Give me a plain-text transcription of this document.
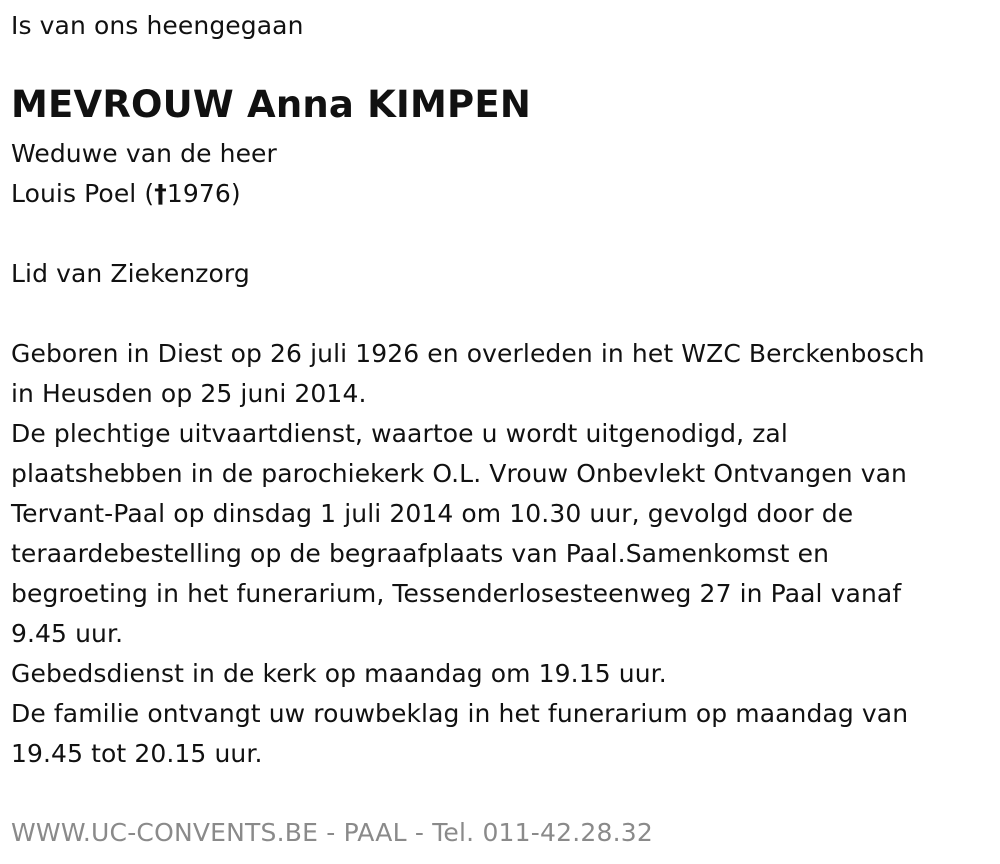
Is van ons heengegaan
MEVROUW Anna KIMPEN
Weduwe van de heer
Louis Poel (†1976)
Lid van Ziekenzorg
Geboren in Diest op 26 juli 1926 en overleden in het WZC Berckenbosch
in Heusden op 25 juni 2014.
De plechtige uitvaartdienst, waartoe u wordt uitgenodigd, zal
plaatshebben in de parochiekerk O.L. Vrouw Onbevlekt Ontvangen van
Tervant-Paal op dinsdag 1 juli 2014 om 10.30 uur, gevolgd door de
teraardebestelling op de begraafplaats van Paal.Samenkomst en
begroeting in het funerarium, Tessenderlosesteenweg 27 in Paal vanaf
9.45 uur.
Gebedsdienst in de kerk op maandag om 19.15 uur.
De familie ontvangt uw rouwbeklag in het funerarium op maandag van
19.45 tot 20.15 uur.
WWW.UC-CONVENTS.BE - PAAL - Tel. 011-42.28.32
